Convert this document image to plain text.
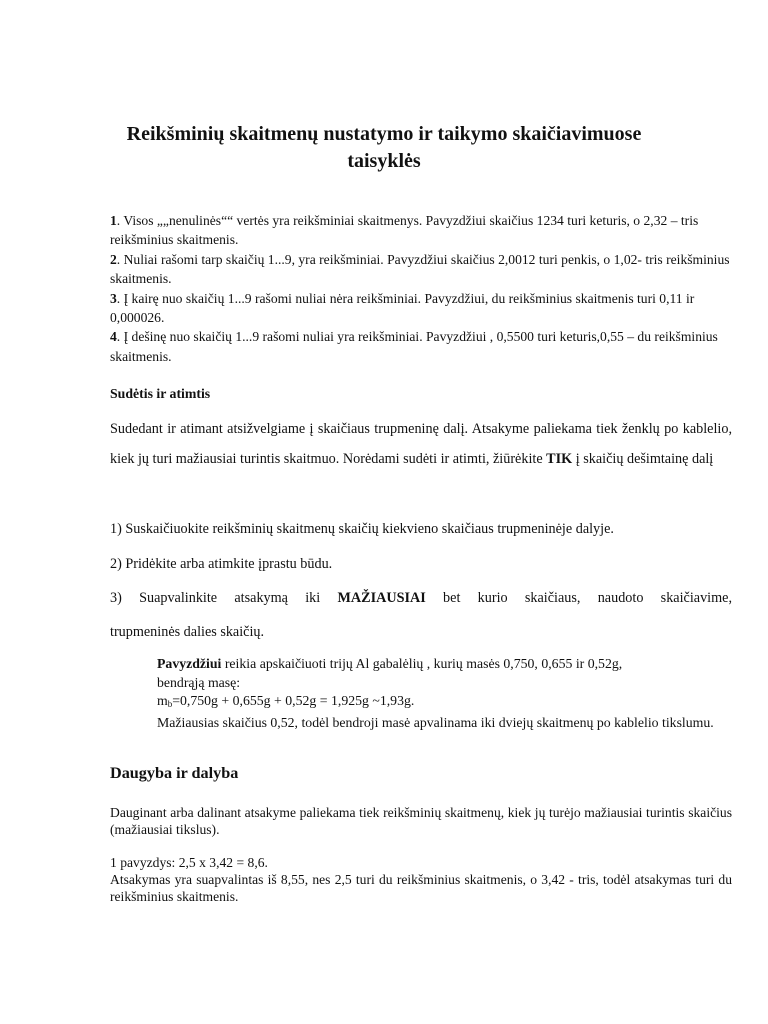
Reikšminių skaitmenų nustatymo ir taikymo skaičiavimuose
taisyklės

1. Visos „„nenulinės““ vertės yra reikšminiai skaitmenys. Pavyzdžiui skaičius 1234 turi keturis, o 2,32 – tris reikšminius skaitmenis.

2. Nuliai rašomi tarp skaičių 1...9, yra reikšminiai. Pavyzdžiui skaičius 2,0012 turi penkis, o 1,02- tris reikšminius skaitmenis.

3. Į kairę nuo skaičių 1...9 rašomi nuliai nėra reikšminiai. Pavyzdžiui, du reikšminius skaitmenis turi 0,11 ir 0,000026.

4. Į dešinę nuo skaičių 1...9 rašomi nuliai yra reikšminiai. Pavyzdžiui , 0,5500 turi keturis,0,55 – du reikšminius skaitmenis.

Sudėtis ir atimtis

Sudedant ir atimant atsižvelgiame į skaičiaus trupmeninę dalį. Atsakyme paliekama tiek ženklų po kablelio, kiek jų turi mažiausiai turintis skaitmuo. Norėdami sudėti ir atimti, žiūrėkite TIK į skaičių dešimtainę dalį

1) Suskaičiuokite reikšminių skaitmenų skaičių kiekvieno skaičiaus trupmeninėje dalyje.

2) Pridėkite arba atimkite įprastu būdu.

3) Suapvalinkite atsakymą iki MAŽIAUSIAI bet kurio skaičiaus, naudoto skaičiavime,

trupmeninės dalies skaičių.

Pavyzdžiui reikia apskaičiuoti trijų Al gabalėlių , kurių masės 0,750, 0,655 ir 0,52g,

bendrąją masę:

$m_b=0,750g + 0,655g + 0,52g = 1,925g$ ~1,93g.

Mažiausias skaičius 0,52, todėl bendroji masė apvalinama iki dviejų skaitmenų po kablelio tikslumu.

Daugyba ir dalyba

Dauginant arba dalinant atsakyme paliekama tiek reikšminių skaitmenų, kiek jų turėjo mažiausiai turintis skaičius (mažiausiai tikslus).

1 pavyzdys: 2,5 x 3,42 = 8,6.

Atsakymas yra suapvalintas iš 8,55, nes 2,5 turi du reikšminius skaitmenis, o 3,42 - tris, todėl atsakymas turi du reikšminius skaitmenis.
